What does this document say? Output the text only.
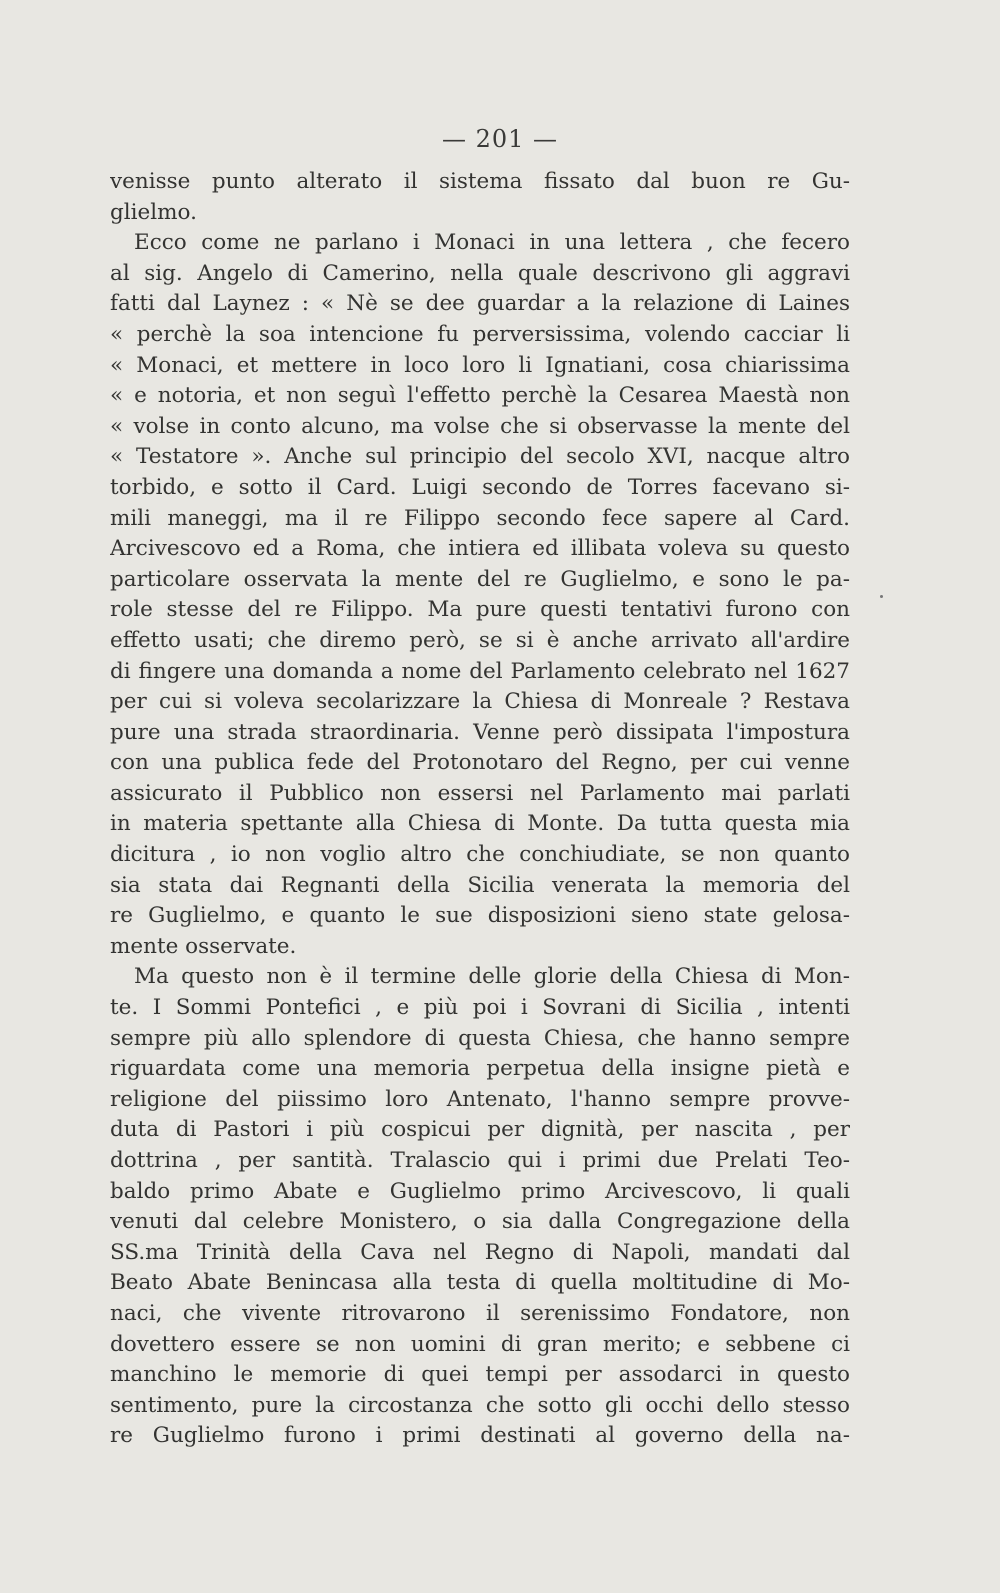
— 201 —
venisse punto alterato il sistema fissato dal buon re Gu-
glielmo.
Ecco come ne parlano i Monaci in una lettera , che fecero
al sig. Angelo di Camerino, nella quale descrivono gli aggravi
fatti dal Laynez : « Nè se dee guardar a la relazione di Laines
« perchè la soa intencione fu perversissima, volendo cacciar li
« Monaci, et mettere in loco loro li Ignatiani, cosa chiarissima
« e notoria, et non seguì l'effetto perchè la Cesarea Maestà non
« volse in conto alcuno, ma volse che si observasse la mente del
« Testatore ». Anche sul principio del secolo XVI, nacque altro
torbido, e sotto il Card. Luigi secondo de Torres facevano si-
mili maneggi, ma il re Filippo secondo fece sapere al Card.
Arcivescovo ed a Roma, che intiera ed illibata voleva su questo
particolare osservata la mente del re Guglielmo, e sono le pa-
role stesse del re Filippo. Ma pure questi tentativi furono con
effetto usati; che diremo però, se si è anche arrivato all'ardire
di fingere una domanda a nome del Parlamento celebrato nel 1627
per cui si voleva secolarizzare la Chiesa di Monreale ? Restava
pure una strada straordinaria. Venne però dissipata l'impostura
con una publica fede del Protonotaro del Regno, per cui venne
assicurato il Pubblico non essersi nel Parlamento mai parlati
in materia spettante alla Chiesa di Monte. Da tutta questa mia
dicitura , io non voglio altro che conchiudiate, se non quanto
sia stata dai Regnanti della Sicilia venerata la memoria del
re Guglielmo, e quanto le sue disposizioni sieno state gelosa-
mente osservate.
Ma questo non è il termine delle glorie della Chiesa di Mon-
te. I Sommi Pontefici , e più poi i Sovrani di Sicilia , intenti
sempre più allo splendore di questa Chiesa, che hanno sempre
riguardata come una memoria perpetua della insigne pietà e
religione del piissimo loro Antenato, l'hanno sempre provve-
duta di Pastori i più cospicui per dignità, per nascita , per
dottrina , per santità. Tralascio qui i primi due Prelati Teo-
baldo primo Abate e Guglielmo primo Arcivescovo, li quali
venuti dal celebre Monistero, o sia dalla Congregazione della
SS.ma Trinità della Cava nel Regno di Napoli, mandati dal
Beato Abate Benincasa alla testa di quella moltitudine di Mo-
naci, che vivente ritrovarono il serenissimo Fondatore, non
dovettero essere se non uomini di gran merito; e sebbene ci
manchino le memorie di quei tempi per assodarci in questo
sentimento, pure la circostanza che sotto gli occhi dello stesso
re Guglielmo furono i primi destinati al governo della na-
